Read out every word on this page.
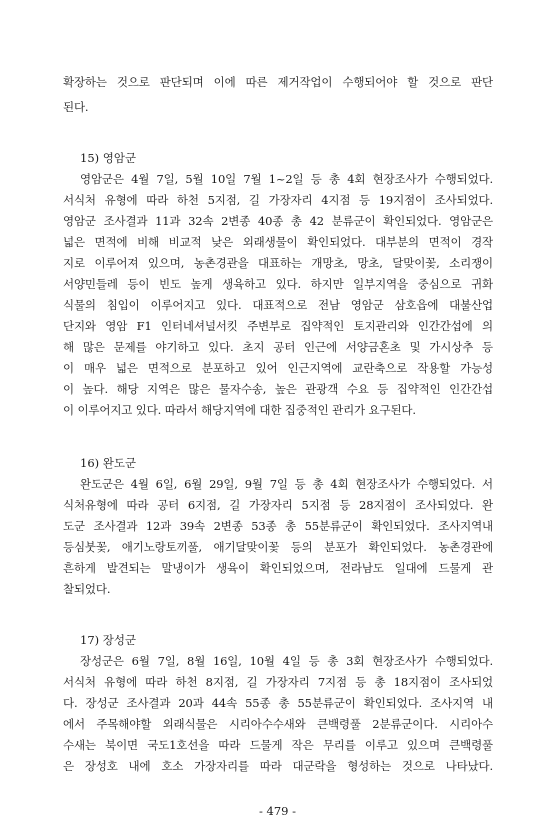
확장하는 것으로 판단되며 이에 따른 제거작업이 수행되어야 할 것으로 판단
된다.
15) 영암군
영암군은 4월 7일, 5월 10일 7월 1~2일 등 총 4회 현장조사가 수행되었다.
서식처 유형에 따라 하천 5지점, 길 가장자리 4지점 등 19지점이 조사되었다.
영암군 조사결과 11과 32속 2변종 40종 총 42 분류군이 확인되었다. 영암군은
넓은 면적에 비해 비교적 낮은 외래생물이 확인되었다. 대부분의 면적이 경작
지로 이루어져 있으며, 농촌경관을 대표하는 개망초, 망초, 달맞이꽃, 소리쟁이
서양민들레 등이 빈도 높게 생육하고 있다. 하지만 일부지역을 중심으로 귀화
식물의 침입이 이루어지고 있다. 대표적으로 전남 영암군 삼호읍에 대불산업
단지와 영암 F1 인터네셔널서킷 주변부로 집약적인 토지관리와 인간간섭에 의
해 많은 문제를 야기하고 있다. 초지 공터 인근에 서양금혼초 및 가시상추 등
이 매우 넓은 면적으로 분포하고 있어 인근지역에 교란축으로 작용할 가능성
이 높다. 해당 지역은 많은 물자수송, 높은 관광객 수요 등 집약적인 인간간섭
이 이루어지고 있다. 따라서 해당지역에 대한 집중적인 관리가 요구된다.
16) 완도군
완도군은 4월 6일, 6월 29일, 9월 7일 등 총 4회 현장조사가 수행되었다. 서
식처유형에 따라 공터 6지점, 길 가장자리 5지점 등 28지점이 조사되었다. 완
도군 조사결과 12과 39속 2변종 53종 총 55분류군이 확인되었다. 조사지역내
등심붓꽃, 애기노랑토끼풀, 애기달맞이꽃 등의 분포가 확인되었다. 농촌경관에
흔하게 발견되는 말냉이가 생육이 확인되었으며, 전라남도 일대에 드물게 관
찰되었다.
17) 장성군
장성군은 6월 7일, 8월 16일, 10월 4일 등 총 3회 현장조사가 수행되었다.
서식처 유형에 따라 하천 8지점, 길 가장자리 7지점 등 총 18지점이 조사되었
다. 장성군 조사결과 20과 44속 55종 총 55분류군이 확인되었다. 조사지역 내
에서 주목해야할 외래식물은 시리아수수새와 큰백령풀 2분류군이다. 시리아수
수새는 북이면 국도1호선을 따라 드물게 작은 무리를 이루고 있으며 큰백령풀
은 장성호 내에 호소 가장자리를 따라 대군락을 형성하는 것으로 나타났다.
- 479 -
